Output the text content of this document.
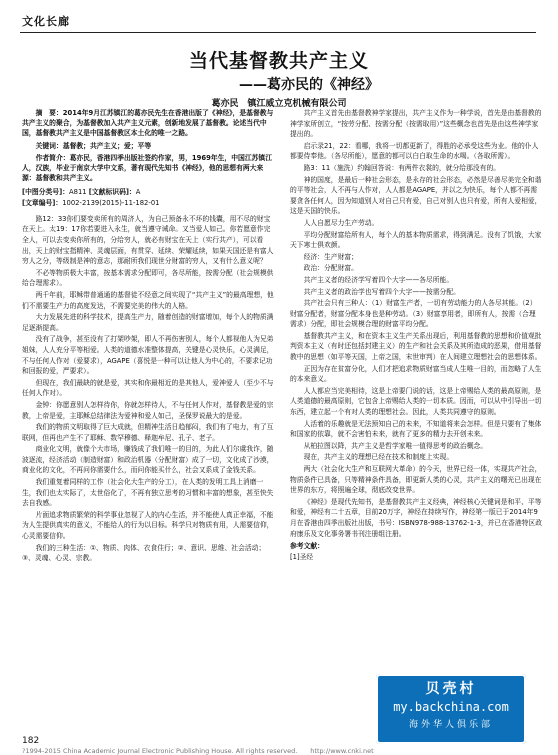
文化长廊
当代基督教共产主义
——葛亦民的《神经》
葛亦民　镇江威立克机械有限公司

摘　要：2014年9月江苏镇江的葛亦民先生在香港出版了《神经》，是基督教与共产主义的聚合，为基督教加入共产主义元素，创新地发展了基督教。论述当代中国，基督教共产主义是中国基督教区本土化的唯一之路。

关键词：基督教；共产主义；爱；平等

作者简介：葛亦民，香港四季出版社签约作家，男，1969年生，中国江苏镇江人，汉族，毕业于南京大学中文系，著有现代先知书《神经》，他的思想有两大来源：基督教和共产主义。

[中图分类号]：A811 [文献标识码]：A
[文章编号]：1002-2139(2015)-11-182-01

路12：33你们要变卖所有的周济人，为自己预备永不坏的钱囊，用不尽的财宝在天上。太19：17你若要进入永生，就当遵守诫命。又当爱人如己。你若愿意作完全人，可以去变卖你所有的，分给穷人，就必有财宝在天上（实行共产），可以看出，天上的财宝指精神、灵魂层面，有贯穿、延续、荣耀延续，如果天国还是有富人穷人之分，等级制是神的意志，那耐所我们现世分财富的穷人，又有什么意义呢？

不必等物质极大丰富，按基本需求分配即可，各尽所能，按需分配（社会规模供给合理需求）。

两千年前，耶稣带普通通的基督徒不经意之间实现了“共产主义”的最高理想，他们不需要生产力的高度发达，不需要完美的伟大的人格。

大力发展先进的科学技术，提高生产力，随着创造的财富增加，每个人的物质满足逐渐提高。

没有了战争，甚至没有了打架吵架，即人不再伤害别人，每个人都视他人为兄弟姐妹，人人充分平等相爱。人类的道德水准整体提高，关键是心灵快乐，心灵满足，不与任何人作对（爱要求），AGAPE（喜悦是一种可以让他人为中心的，不要求记功和回报的爱，严要求）。

但现在，我们最缺的就是爱，其实和你最相近的是其他人，爱神爱人（至少不与任何人作对）。

金钟：你愿意别人怎样待你，你就怎样待人，不与任何人作对，基督教是爱的宗教，上帝是爱，主耶稣总结律法为爱神和爱人如己，圣保罗说最大的是爱。

我们的物质文明取得了巨大成就，但精神生活日趋郁闷，我们有了电力，有了互联网，但再也产生不了耶稣、数罕穆德、释迦牟尼、孔子、老子。

商业化文明，就像个大市场，赚钱成了我们唯一的目的，为此人们尔虞我诈，随波逐流，经济活动（制造财富）和政治机器（分配财富）成了一切，文化成了沙漠，商业化的文化，不再问你需要什么，而问你能买什么，社会又系成了金钱关系。

我们重复着同样的工作（社会化大生产的分工），在人类的发明工具上消磨一生，我们也太实际了，太世俗化了，不再有独立思考的习惯和丰富的想象，甚至快失去自我感。

片面追求物质繁荣的科学事业忽视了人的内心生活，并不能使人真正幸福，不能为人生提供真实的意义，不能给人的行为以目标。科学只对物质有用，人需要信仰，心灵需要信仰。

我们的三种生活：①、物质、肉体、衣食住行；②、意识、思维、社会活动；③、灵魂、心灵、宗教。

共产主义首先由基督教神学家提出，共产主义作为一种学说，首先是由基督教的神学家所创立，“按劳分配、按需分配（按需取用）”这些概念也首先是由这些神学家提出的。

启示录21，22：看哪，我将一切都更新了，得胜的必承受这些为业。他的仆人都要侍奉他。（各尽所能），愿意的都可以白白取生命的水喝。（各取所需）。

路3：11（施洗）约翰回答说：有两件衣裳的，就分给那没有的。

神的国度，是最后一种社会形态，是永存的社会形态，必然是尽善尽美完全和谐的平等社会，人不再与人作对，人人都是AGAPE，并以之为快乐，每个人都不再需要贪各任何人，因为知道别人对自己只有爱，自己对别人也只有爱，所有人爱相爱，这是天国的快乐。

人人自愿尽力生产劳动。

平均分配财富给所有人，每个人的基本物质需求，得到满足。没有了饥饿，大家天下寒士俱欢颜。

经济：生产财富；

政治：分配财富。

共产主义者的经济学写着四个大字——各尽所能。

共产主义者的政治学也写着四个大字——按需分配。

共产社会只有三种人：（1）财富生产者，一切有劳动能力的人各尽其能。（2）财富分配者，财富分配本身也是种劳动。（3）财富享用者，即所有人，按需（合理需求）分配，即社会规模合理的财富平均分配。

基督教共产主义，和在资本主义生产关系出现后，利用基督教的思想和价值观批判资本主义（有时还包括封建主义）的生产和社会关系及其所造成的恶果，借用基督教中的思想（如平等天国，上帝之国，末世审判）在人间建立理想社会的思想体系。

正因为存在贫富分化，人们才把追求物质财富当成人生唯一目的，而忽略了人生的本来意义。

人人都应当完美相待，这是上帝要门说的话，这是上帝赐给人类的最高原则，是人类道德的最高原则，它包含上帝赐给人类的一切本质。因而，可以从中引导出一切东西，建立起一个有对人类的理想社会。因此，人类共同遵守的原则。

人活着的乐趣就是无法预知自己的未来，不知道将来会怎样。但是只要有了集体和国家的依靠，就不会害怕未来，就有了更多的精力去开创未来。

从柏拉图以降，共产主义是哲学家唯一值得思考的政治概念。

现在，共产主义的理想已经在技术和制度上实现。

两大（社会化大生产和互联网大革命）的今天，世界已经一体，实现共产社会，物质条件已具备，只等精神条件具备，即更新人类的心灵，共产主义的曙光已出现在世界的东方，将照遍全球，彻底改变世界。

《神经》是现代先知书，是基督教共产主义经典，神经核心关键词是和平、平等和爱，神经有二十五章，目前20万字，神经在持续写作，神经第一版已于2014年9月在香港由四季出版社出版，书号：ISBN978-988-13762-1-3，并已在香港特区政府康乐及文化事务署书刊注册组注册。

参考文献：
[1]圣经
182
?1994-2015 China Academic Journal Electronic Publishing House. All rights reserved.　　http://www.cnki.net
贝壳村
my.backchina.com
海外华人俱乐部
